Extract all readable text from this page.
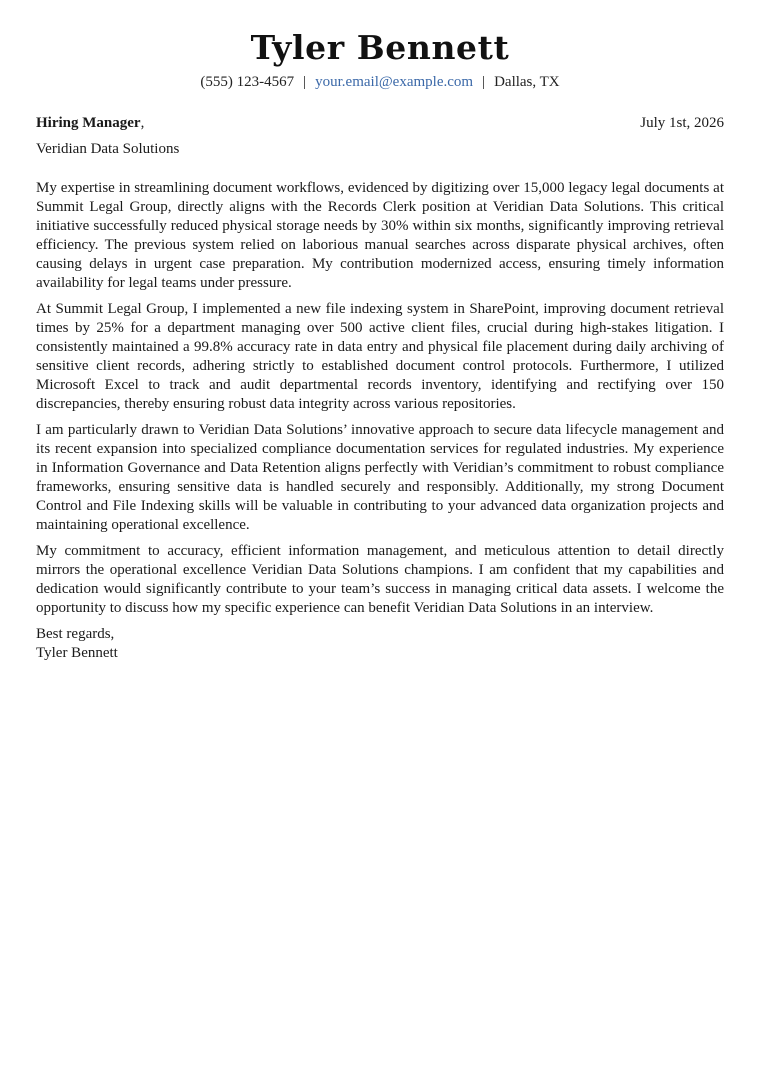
Tyler Bennett
(555) 123-4567 | your.email@example.com | Dallas, TX
Hiring Manager,	July 1st, 2026
Veridian Data Solutions

My expertise in streamlining document workflows, evidenced by digitizing over 15,000 legacy legal documents at Summit Legal Group, directly aligns with the Records Clerk position at Veridian Data Solutions. This critical initiative successfully reduced physical storage needs by 30% within six months, significantly improving retrieval efficiency. The previous system relied on laborious manual searches across disparate physical archives, often causing delays in urgent case preparation. My contribution modernized access, ensuring timely information availability for legal teams under pressure.

At Summit Legal Group, I implemented a new file indexing system in SharePoint, improving document retrieval times by 25% for a department managing over 500 active client files, crucial during high-stakes litigation. I consistently maintained a 99.8% accuracy rate in data entry and physical file placement during daily archiving of sensitive client records, adhering strictly to established document control protocols. Furthermore, I utilized Microsoft Excel to track and audit departmental records inventory, identifying and rectifying over 150 discrepancies, thereby ensuring robust data integrity across various repositories.

I am particularly drawn to Veridian Data Solutions’ innovative approach to secure data lifecycle management and its recent expansion into specialized compliance documentation services for regulated industries. My experience in Information Governance and Data Retention aligns perfectly with Veridian’s commitment to robust compliance frameworks, ensuring sensitive data is handled securely and responsibly. Additionally, my strong Document Control and File Indexing skills will be valuable in contributing to your advanced data organization projects and maintaining operational excellence.

My commitment to accuracy, efficient information management, and meticulous attention to detail directly mirrors the operational excellence Veridian Data Solutions champions. I am confident that my capabilities and dedication would significantly contribute to your team’s success in managing critical data assets. I welcome the opportunity to discuss how my specific experience can benefit Veridian Data Solutions in an interview.

Best regards,
Tyler Bennett
